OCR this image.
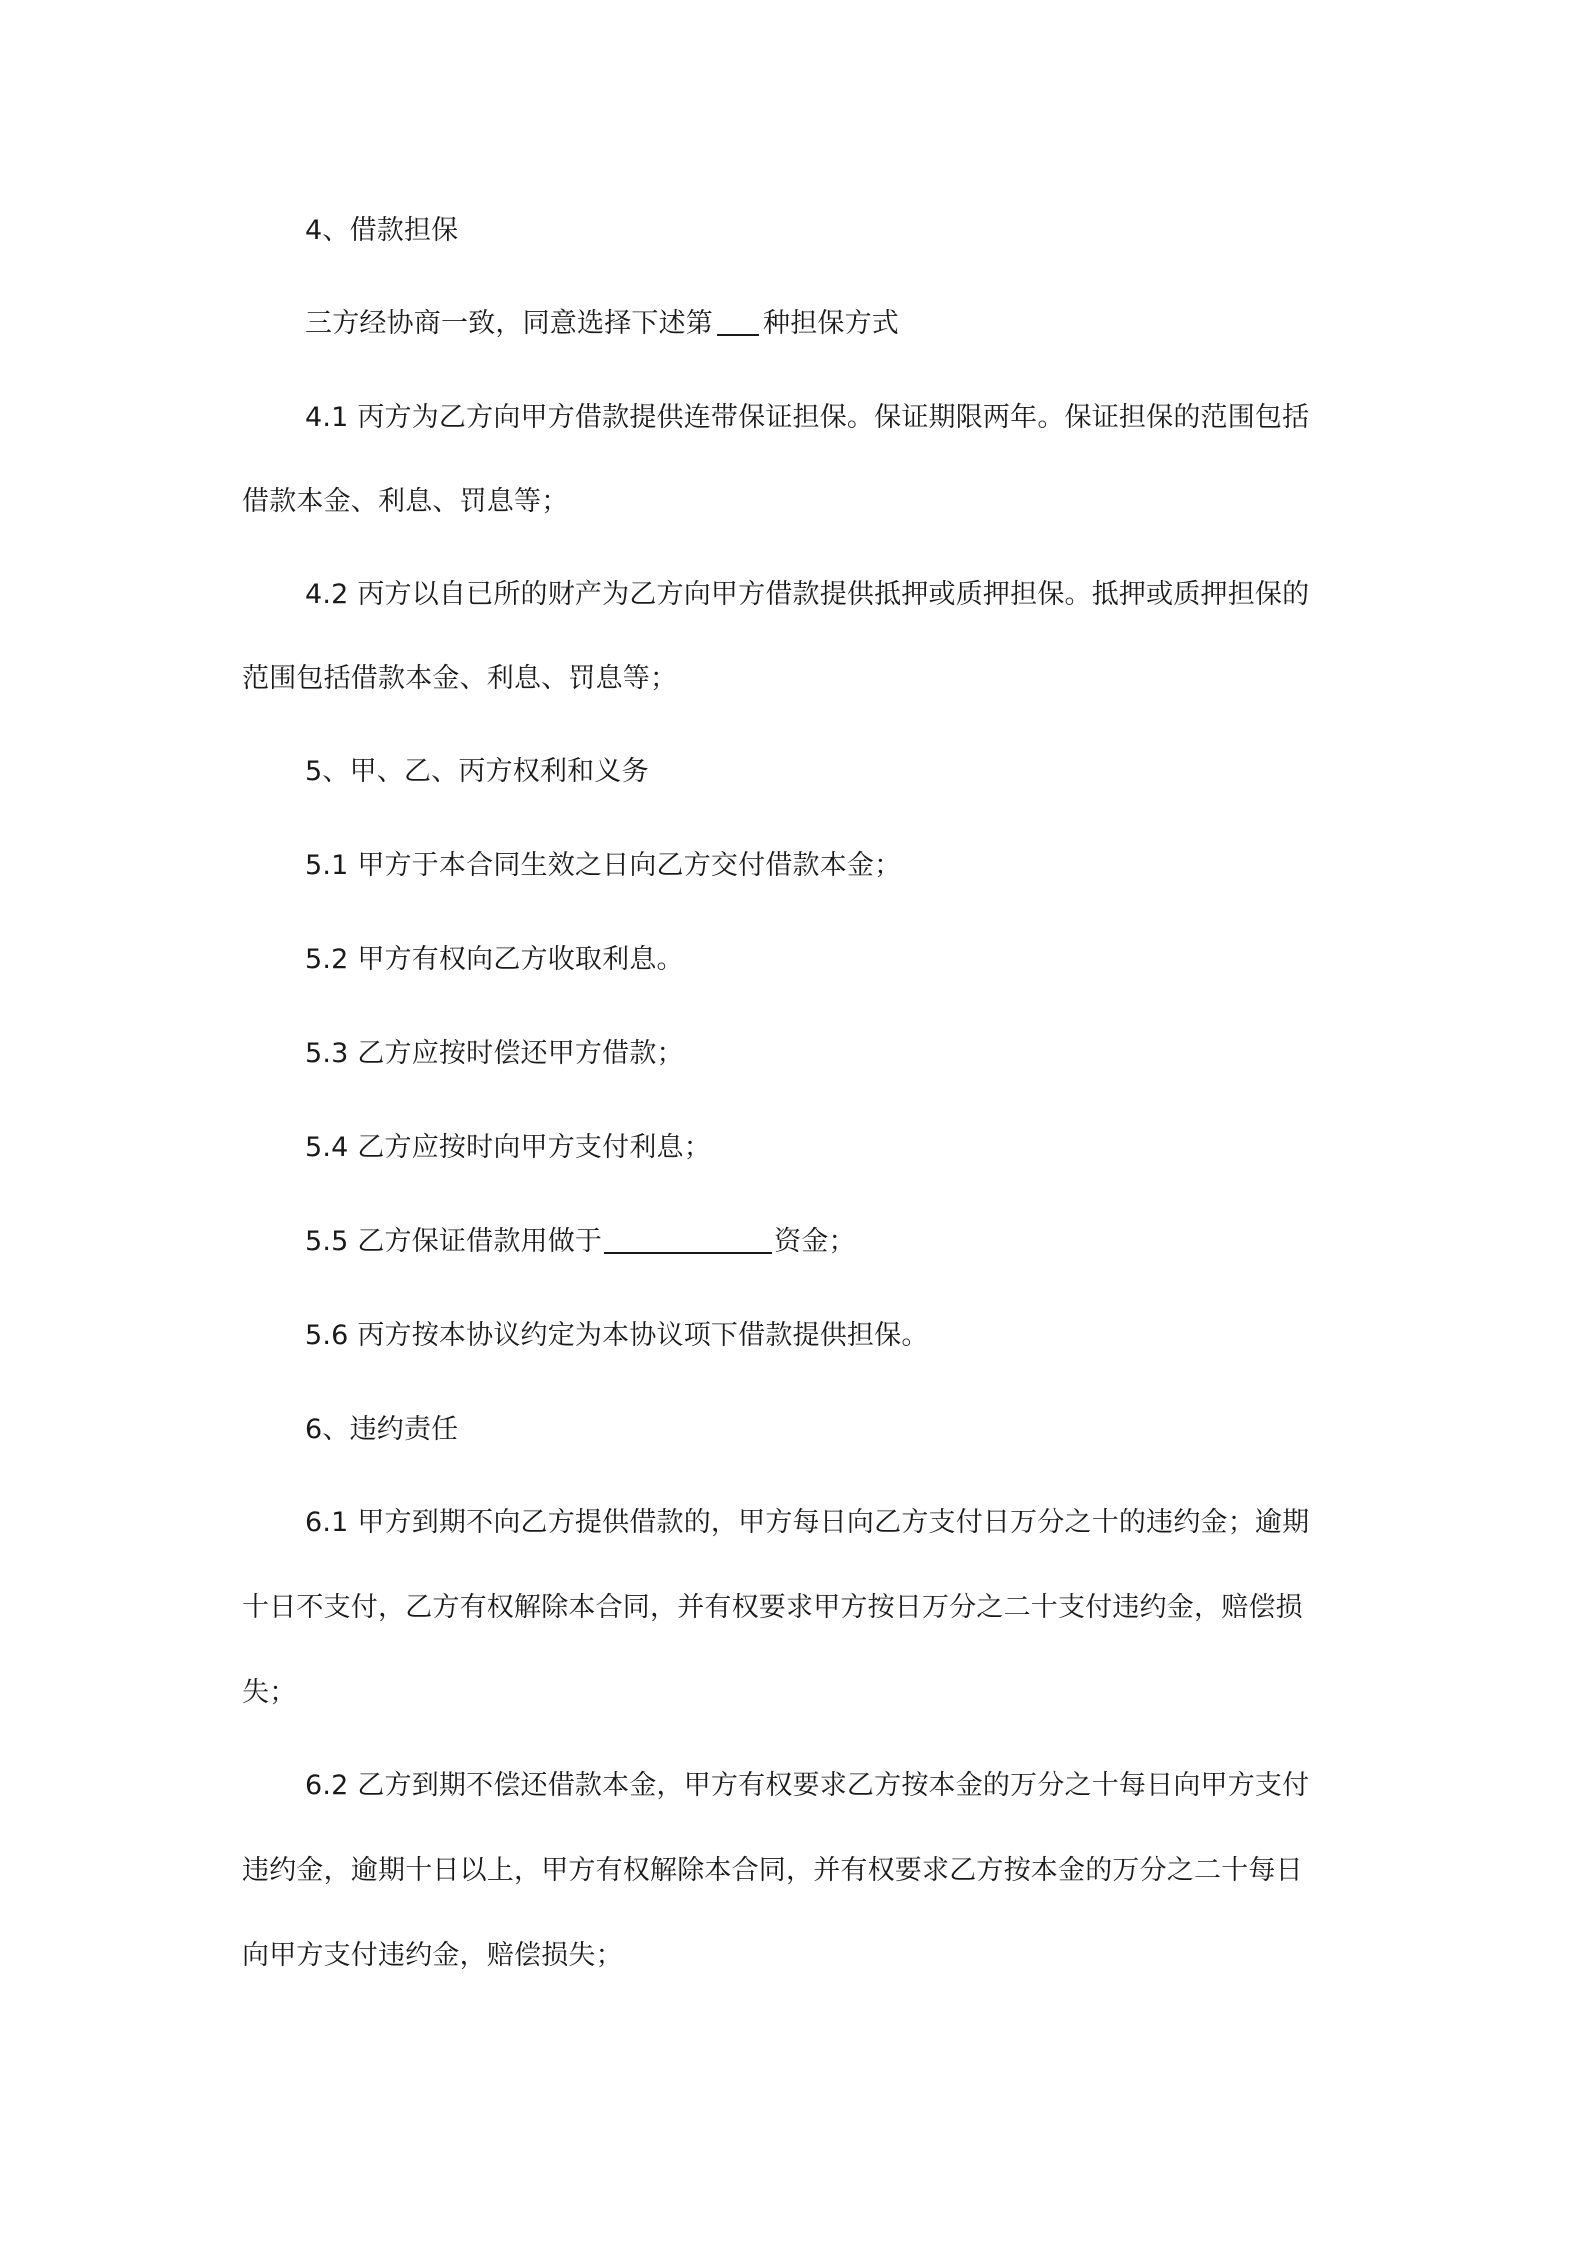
4、借款担保
三方经协商一致，同意选择下述第 种担保方式
4.1 丙方为乙方向甲方借款提供连带保证担保。保证期限两年。保证担保的范围包括
借款本金、利息、罚息等；
4.2 丙方以自已所的财产为乙方向甲方借款提供抵押或质押担保。抵押或质押担保的
范围包括借款本金、利息、罚息等；
5、甲、乙、丙方权利和义务
5.1 甲方于本合同生效之日向乙方交付借款本金；
5.2 甲方有权向乙方收取利息。
5.3 乙方应按时偿还甲方借款；
5.4 乙方应按时向甲方支付利息；
5.5 乙方保证借款用做于	资金；
5.6 丙方按本协议约定为本协议项下借款提供担保。
6、违约责任
6.1 甲方到期不向乙方提供借款的，甲方每日向乙方支付日万分之十的违约金；逾期
十日不支付，乙方有权解除本合同，并有权要求甲方按日万分之二十支付违约金，赔偿损
失；
6.2 乙方到期不偿还借款本金，甲方有权要求乙方按本金的万分之十每日向甲方支付
违约金，逾期十日以上，甲方有权解除本合同，并有权要求乙方按本金的万分之二十每日
向甲方支付违约金，赔偿损失；
